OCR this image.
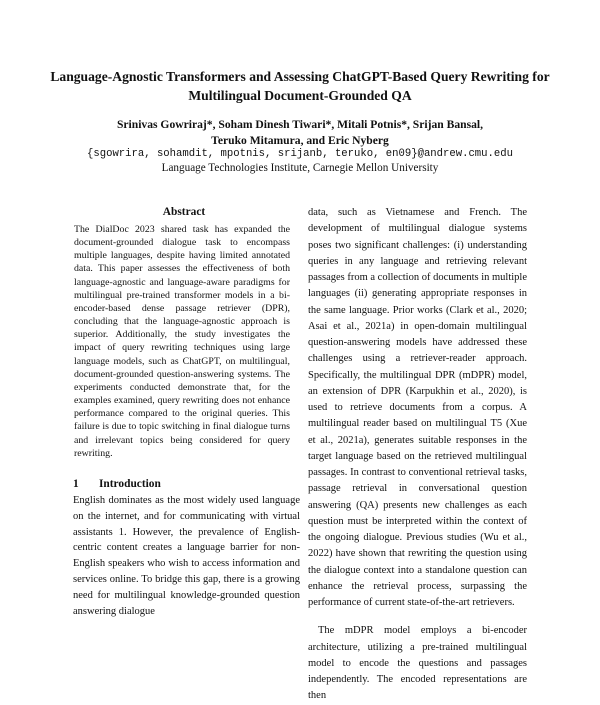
Language-Agnostic Transformers and Assessing ChatGPT-Based Query Rewriting for Multilingual Document-Grounded QA
Srinivas Gowriraj*, Soham Dinesh Tiwari*, Mitali Potnis*, Srijan Bansal,
Teruko Mitamura, and Eric Nyberg
{sgowrira, sohamdit, mpotnis, srijanb, teruko, en09}@andrew.cmu.edu
Language Technologies Institute, Carnegie Mellon University
Abstract

The DialDoc 2023 shared task has expanded the document-grounded dialogue task to encompass multiple languages, despite having limited annotated data. This paper assesses the effectiveness of both language-agnostic and language-aware paradigms for multilingual pre-trained transformer models in a bi-encoder-based dense passage retriever (DPR), concluding that the language-agnostic approach is superior. Additionally, the study investigates the impact of query rewriting techniques using large language models, such as ChatGPT, on multilingual, document-grounded question-answering systems. The experiments conducted demonstrate that, for the examples examined, query rewriting does not enhance performance compared to the original queries. This failure is due to topic switching in final dialogue turns and irrelevant topics being considered for query rewriting.

1 Introduction

English dominates as the most widely used language on the internet, and for communicating with virtual assistants 1. However, the prevalence of English-centric content creates a language barrier for non-English speakers who wish to access information and services online. To bridge this gap, there is a growing need for multilingual knowledge-grounded question answering dialogue

data, such as Vietnamese and French. The development of multilingual dialogue systems poses two significant challenges: (i) understanding queries in any language and retrieving relevant passages from a collection of documents in multiple languages (ii) generating appropriate responses in the same language. Prior works (Clark et al., 2020; Asai et al., 2021a) in open-domain multilingual question-answering models have addressed these challenges using a retriever-reader approach. Specifically, the multilingual DPR (mDPR) model, an extension of DPR (Karpukhin et al., 2020), is used to retrieve documents from a corpus. A multilingual reader based on multilingual T5 (Xue et al., 2021a), generates suitable responses in the target language based on the retrieved multilingual passages. In contrast to conventional retrieval tasks, passage retrieval in conversational question answering (QA) presents new challenges as each question must be interpreted within the context of the ongoing dialogue. Previous studies (Wu et al., 2022) have shown that rewriting the question using the dialogue context into a standalone question can enhance the retrieval process, surpassing the performance of current state-of-the-art retrievers.

The mDPR model employs a bi-encoder architecture, utilizing a pre-trained multilingual model to encode the questions and passages independently. The encoded representations are then
